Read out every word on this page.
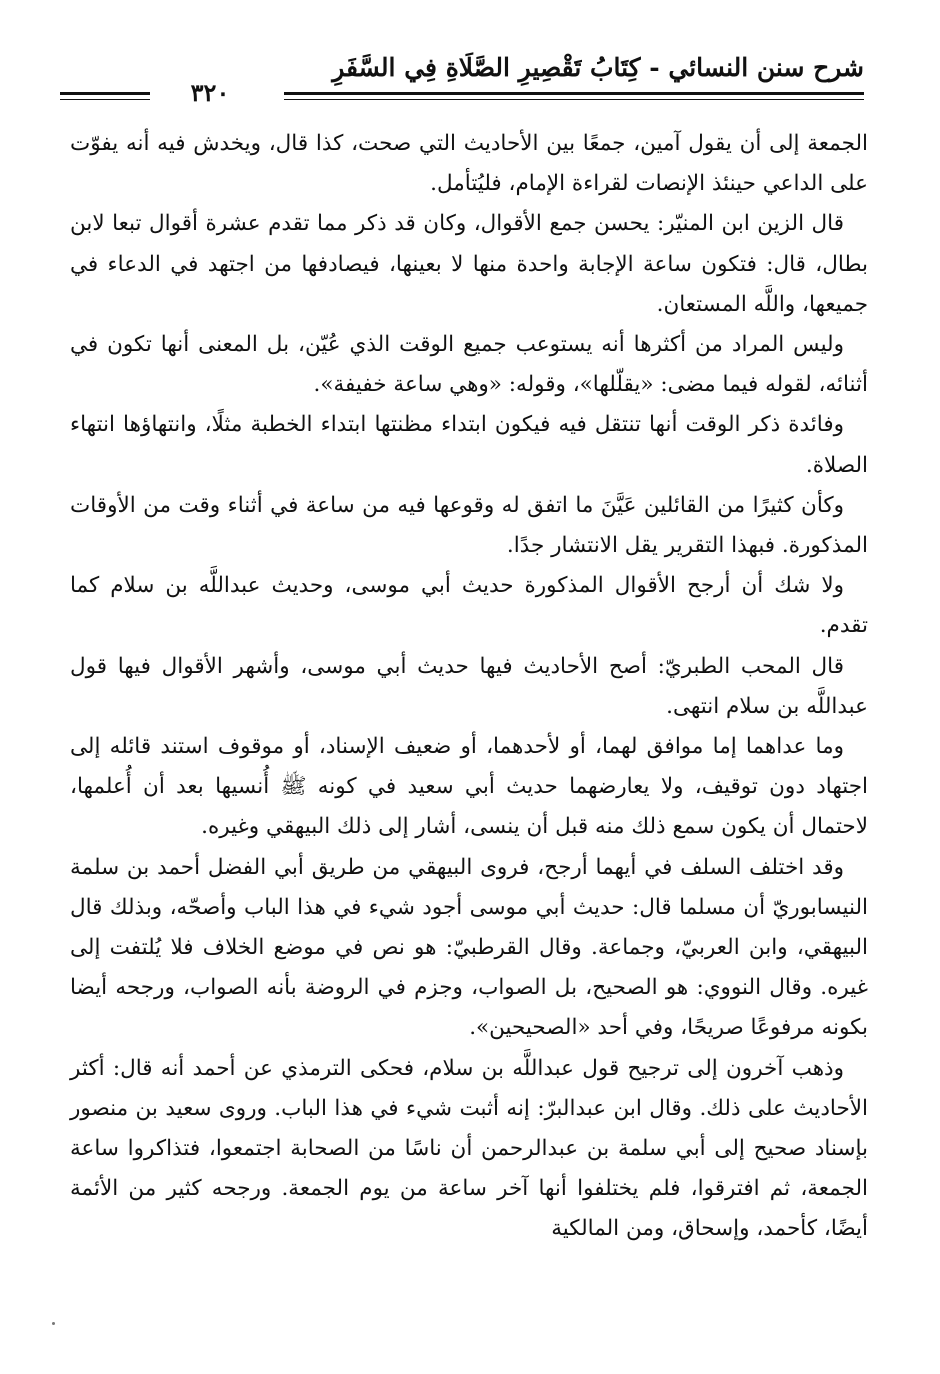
شرح سنن النسائي - كِتَابُ تَقْصِيرِ الصَّلَاةِ فِي السَّفَرِ
٣٢٠

الجمعة إلى أن يقول آمين، جمعًا بين الأحاديث التي صحت، كذا قال، ويخدش فيه أنه يفوّت على الداعي حينئذ الإنصات لقراءة الإمام، فليُتأمل.

قال الزين ابن المنيّر: يحسن جمع الأقوال، وكان قد ذكر مما تقدم عشرة أقوال تبعا لابن بطال، قال: فتكون ساعة الإجابة واحدة منها لا بعينها، فيصادفها من اجتهد في الدعاء في جميعها، واللَّه المستعان.

وليس المراد من أكثرها أنه يستوعب جميع الوقت الذي عُيّن، بل المعنى أنها تكون في أثنائه، لقوله فيما مضى: «يقلّلها»، وقوله: «وهي ساعة خفيفة».

وفائدة ذكر الوقت أنها تنتقل فيه فيكون ابتداء مظنتها ابتداء الخطبة مثلًا، وانتهاؤها انتهاء الصلاة.

وكأن كثيرًا من القائلين عَيَّنَ ما اتفق له وقوعها فيه من ساعة في أثناء وقت من الأوقات المذكورة. فبهذا التقرير يقل الانتشار جدًا.

ولا شك أن أرجح الأقوال المذكورة حديث أبي موسى، وحديث عبداللَّه بن سلام كما تقدم.

قال المحب الطبريّ: أصح الأحاديث فيها حديث أبي موسى، وأشهر الأقوال فيها قول عبداللَّه بن سلام انتهى.

وما عداهما إما موافق لهما، أو لأحدهما، أو ضعيف الإسناد، أو موقوف استند قائله إلى اجتهاد دون توقيف، ولا يعارضهما حديث أبي سعيد في كونه ﷺ أُنسيها بعد أن أُعلمها، لاحتمال أن يكون سمع ذلك منه قبل أن ينسى، أشار إلى ذلك البيهقي وغيره.

وقد اختلف السلف في أيهما أرجح، فروى البيهقي من طريق أبي الفضل أحمد بن سلمة النيسابوريّ أن مسلما قال: حديث أبي موسى أجود شيء في هذا الباب وأصحّه، وبذلك قال البيهقي، وابن العربيّ، وجماعة. وقال القرطبيّ: هو نص في موضع الخلاف فلا يُلتفت إلى غيره. وقال النووي: هو الصحيح، بل الصواب، وجزم في الروضة بأنه الصواب، ورجحه أيضا بكونه مرفوعًا صريحًا، وفي أحد «الصحيحين».

وذهب آخرون إلى ترجيح قول عبداللَّه بن سلام، فحكى الترمذي عن أحمد أنه قال: أكثر الأحاديث على ذلك. وقال ابن عبدالبرّ: إنه أثبت شيء في هذا الباب. وروى سعيد بن منصور بإسناد صحيح إلى أبي سلمة بن عبدالرحمن أن ناسًا من الصحابة اجتمعوا، فتذاكروا ساعة الجمعة، ثم افترقوا، فلم يختلفوا أنها آخر ساعة من يوم الجمعة. ورجحه كثير من الأئمة أيضًا، كأحمد، وإسحاق، ومن المالكية
